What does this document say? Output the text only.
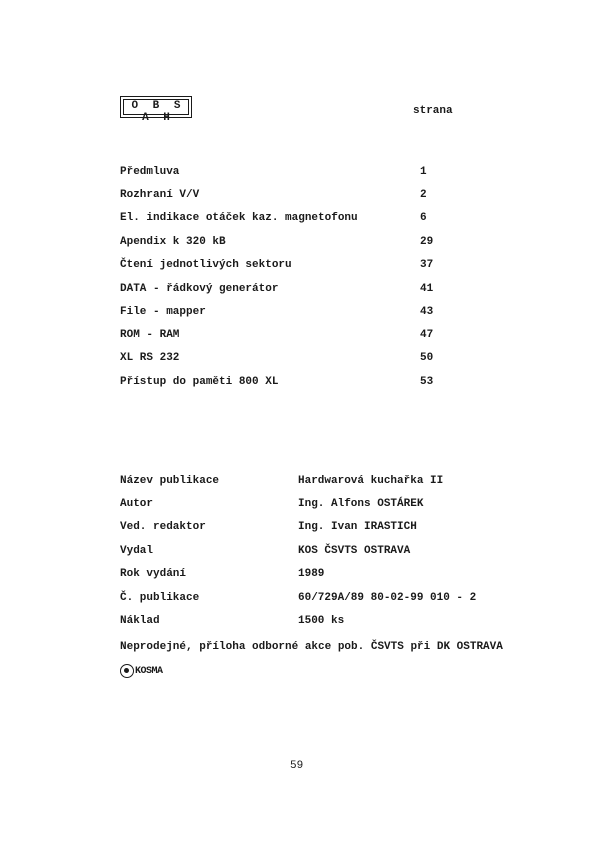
O B S A H
strana
Předmluva	1
Rozhraní V/V	2
El. indikace otáček kaz. magnetofonu	6
Apendix k 320 kB	29
Čtení jednotlivých sektoru	37
DATA - řádkový generátor	41
File - mapper	43
ROM - RAM	47
XL RS 232	50
Přístup do paměti 800 XL	53
Název publikace	Hardwarová kuchařka II
Autor	Ing. Alfons OSTÁREK
Ved. redaktor	Ing. Ivan IRASTICH
Vydal	KOS ČSVTS OSTRAVA
Rok vydání	1989
Č. publikace	60/729A/89 80-02-99 010 - 2
Náklad	1500 ks
Neprodejné, příloha odborné akce pob. ČSVTS při DK OSTRAVA
KOSMA
59
